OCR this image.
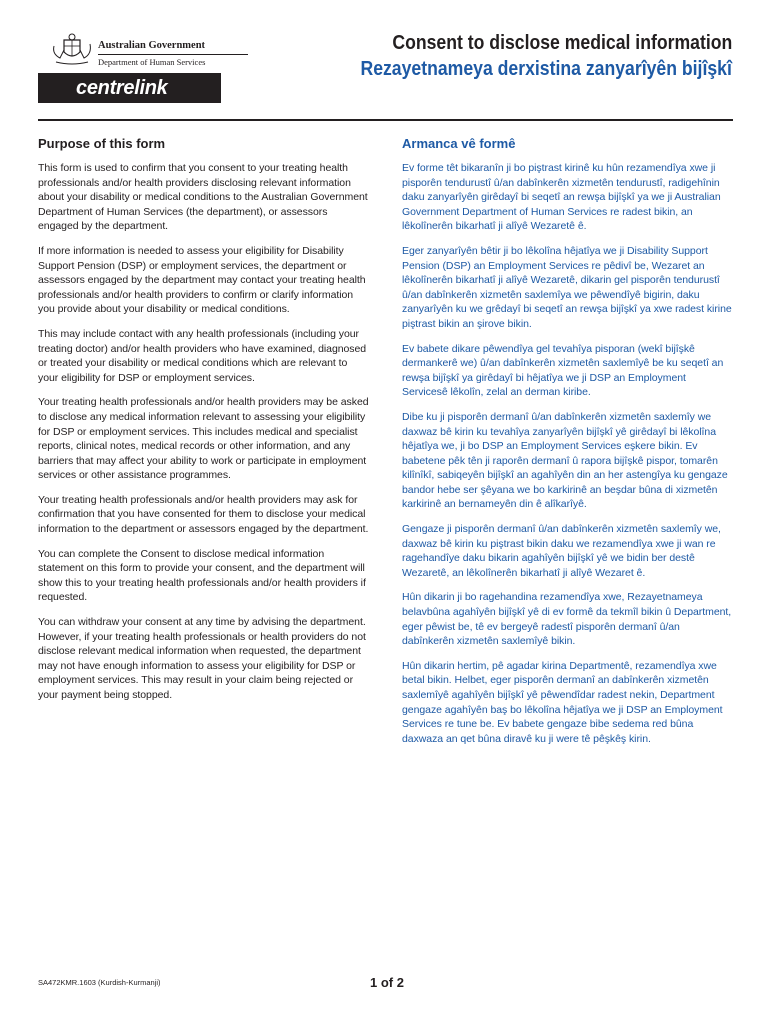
Australian Government
Department of Human Services
centrelink
Consent to disclose medical information
Rezayetnameya derxistina zanyarîyên bijîşkî
Purpose of this form

This form is used to confirm that you consent to your treating health professionals and/or health providers disclosing relevant information about your disability or medical conditions to the Australian Government Department of Human Services (the department), or assessors engaged by the department.

If more information is needed to assess your eligibility for Disability Support Pension (DSP) or employment services, the department or assessors engaged by the department may contact your treating health professionals and/or health providers to confirm or clarify information you provide about your disability or medical conditions.

This may include contact with any health professionals (including your treating doctor) and/or health providers who have examined, diagnosed or treated your disability or medical conditions which are relevant to your eligibility for DSP or employment services.

Your treating health professionals and/or health providers may be asked to disclose any medical information relevant to assessing your eligibility for DSP or employment services. This includes medical and specialist reports, clinical notes, medical records or other information, and any barriers that may affect your ability to work or participate in employment services or other assistance programmes.

Your treating health professionals and/or health providers may ask for confirmation that you have consented for them to disclose your medical information to the department or assessors engaged by the department.

You can complete the Consent to disclose medical information statement on this form to provide your consent, and the department will show this to your treating health professionals and/or health providers if requested.

You can withdraw your consent at any time by advising the department. However, if your treating health professionals or health providers do not disclose relevant medical information when requested, the department may not have enough information to assess your eligibility for DSP or employment services. This may result in your claim being rejected or your payment being stopped.

Armanca vê formê

Ev forme têt bikaranîn ji bo piştrast kirinê ku hûn rezamendîya xwe ji pisporên tendurustî û/an dabînkerên xizmetên tendurustî, radigehînin daku zanyarîyên girêdayî bi seqetî an rewşa bijîşkî ya we ji Australian Government Department of Human Services re radest bikin, an lêkolînerên bikarhatî ji alîyê Wezaretê ê.

Eger zanyarîyên bêtir ji bo lêkolîna hêjatîya we ji Disability Support Pension (DSP) an Employment Services re pêdivî be, Wezaret an lêkolînerên bikarhatî ji alîyê Wezaretê, dikarin gel pisporên tendurustî û/an dabînkerên xizmetên saxlemîya we pêwendîyê bigirin, daku zanyarîyên ku we grêdayî bi seqetî an rewşa bijîşkî ya xwe radest kirine piştrast bikin an şirove bikin.

Ev babete dikare pêwendîya gel tevahîya pisporan (wekî bijîşkê dermankerê we) û/an dabînkerên xizmetên saxlemîyê be ku seqetî an rewşa bijîşkî ya girêdayî bi hêjatîya we ji DSP an Employment Servicesê lêkolîn, zelal an derman kiribe.

Dibe ku ji pisporên dermanî û/an dabînkerên xizmetên saxlemîy we daxwaz bê kirin ku tevahîya zanyarîyên bijîşkî yê girêdayî bi lêkolîna hêjatîya we, ji bo DSP an Employment Services eşkere bikin. Ev babetene pêk tên ji raporên dermanî û rapora bijîşkê pispor, tomarên kilînîkî, sabiqeyên bijîşkî an agahîyên din an her astengîya ku gengaze bandor hebe ser şêyana we bo karkirinê an beşdar bûna di xizmetên karkirinê an bernameyên din ê alîkarîyê.

Gengaze ji pisporên dermanî û/an dabînkerên xizmetên saxlemîy we, daxwaz bê kirin ku piştrast bikin daku we rezamendîya xwe ji wan re ragehandîye daku bikarin agahîyên bijîşkî yê we bidin ber destê Wezaretê, an lêkolînerên bikarhatî ji alîyê Wezaret ê.

Hûn dikarin ji bo ragehandina rezamendîya xwe, Rezayetnameya belavbûna agahîyên bijîşkî yê di ev formê da tekmîl bikin û Department, eger pêwist be, tê ev bergeyê radestî pisporên dermanî û/an dabînkerên xizmetên saxlemîyê bikin.

Hûn dikarin hertim, pê agadar kirina Departmentê, rezamendîya xwe betal bikin. Helbet, eger pisporên dermanî an dabînkerên xizmetên saxlemîyê agahîyên bijîşkî yê pêwendîdar radest nekin, Department gengaze agahîyên baş bo lêkolîna hêjatîya we ji DSP an Employment Services re tune be. Ev babete gengaze bibe sedema red bûna daxwaza an qet bûna diravê ku ji were tê pêşkêş kirin.

SA472KMR.1603 (Kurdish-Kurmanji)	1 of 2
